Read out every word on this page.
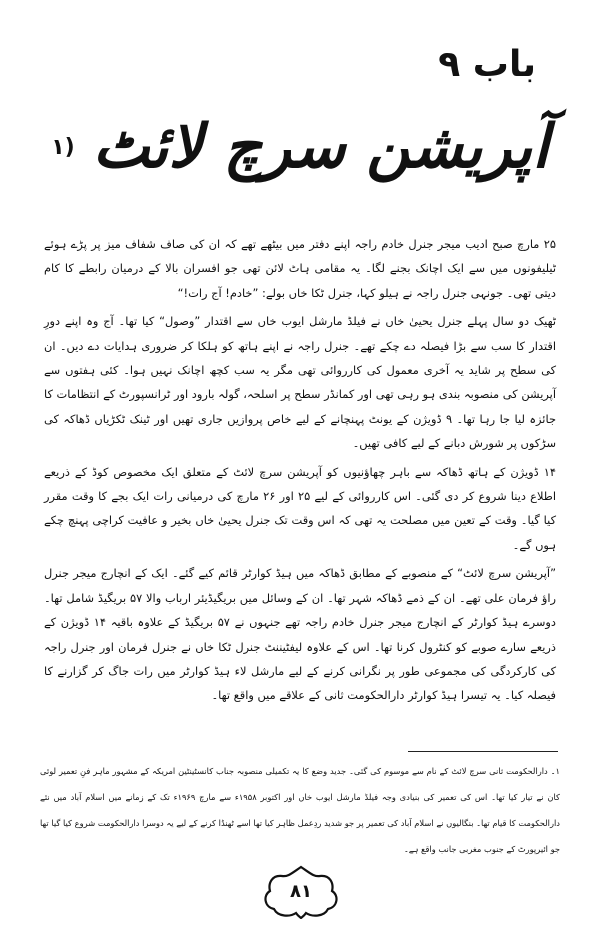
باب ۹
آپریشن سرچ لائٹ
(۱

۲۵ مارچ صبح ادیب میجر جنرل خادم راجہ اپنے دفتر میں بیٹھے تھے کہ ان کی صاف شفاف میز پر پڑے ہوئے ٹیلیفونوں میں سے ایک اچانک بجنے لگا۔ یہ مقامی ہاٹ لائن تھی جو افسران بالا کے درمیان رابطے کا کام دیتی تھی۔ جونہی جنرل راجہ نے ہیلو کہا، جنرل ٹکا خاں بولے: ”خادم! آج رات!“

ٹھیک دو سال پہلے جنرل یحییٰ خاں نے فیلڈ مارشل ایوب خاں سے اقتدار ”وصول“ کیا تھا۔ آج وہ اپنے دورِ اقتدار کا سب سے بڑا فیصلہ دے چکے تھے۔ جنرل راجہ نے اپنے ہاتھ کو ہلکا کر ضروری ہدایات دے دیں۔ ان کی سطح پر شاید یہ آخری معمول کی کارروائی تھی مگر یہ سب کچھ اچانک نہیں ہوا۔ کئی ہفتوں سے آپریشن کی منصوبہ بندی ہو رہی تھی اور کمانڈر سطح پر اسلحہ، گولہ بارود اور ٹرانسپورٹ کے انتظامات کا جائزہ لیا جا رہا تھا۔ ۹ ڈویژن کے یونٹ پہنچانے کے لیے خاص پروازیں جاری تھیں اور ٹینک ٹکڑیاں ڈھاکہ کی سڑکوں پر شورش دبانے کے لیے کافی تھیں۔

۱۴ ڈویژن کے ہاتھ ڈھاکہ سے باہر چھاؤنیوں کو آپریشن سرچ لائٹ کے متعلق ایک مخصوص کوڈ کے ذریعے اطلاع دینا شروع کر دی گئی۔ اس کارروائی کے لیے ۲۵ اور ۲۶ مارچ کی درمیانی رات ایک بجے کا وقت مقرر کیا گیا۔ وقت کے تعین میں مصلحت یہ تھی کہ اس وقت تک جنرل یحییٰ خاں بخیر و عافیت کراچی پہنچ چکے ہوں گے۔

”آپریشن سرچ لائٹ“ کے منصوبے کے مطابق ڈھاکہ میں ہیڈ کوارٹر قائم کیے گئے۔ ایک کے انچارج میجر جنرل راؤ فرمان علی تھے۔ ان کے ذمے ڈھاکہ شہر تھا۔ ان کے وسائل میں بریگیڈیئر ارباب والا ۵۷ بریگیڈ شامل تھا۔ دوسرے ہیڈ کوارٹر کے انچارج میجر جنرل خادم راجہ تھے جنہوں نے ۵۷ بریگیڈ کے علاوہ باقیہ ۱۴ ڈویژن کے ذریعے سارے صوبے کو کنٹرول کرنا تھا۔ اس کے علاوہ لیفٹیننٹ جنرل ٹکا خاں نے جنرل فرمان اور جنرل راجہ کی کارکردگی کی مجموعی طور پر نگرانی کرنے کے لیے مارشل لاء ہیڈ کوارٹر میں رات جاگ کر گزارنے کا فیصلہ کیا۔ یہ تیسرا ہیڈ کوارٹر دارالحکومت ثانی کے علاقے میں واقع تھا۔

۱۔ دارالحکومت ثانی سرچ لائٹ کے نام سے موسوم کی گئی۔ جدید وضع کا یہ تکمیلی منصوبہ جناب کانسٹینٹین امریکہ کے مشہور ماہر فنِ تعمیر لوئی کان نے تیار کیا تھا۔ اس کی تعمیر کی بنیادی وجہ فیلڈ مارشل ایوب خاں اور اکتوبر ۱۹۵۸ء سے مارچ ۱۹۶۹ء تک کے زمانے میں اسلام آباد میں نئے دارالحکومت کا قیام تھا۔ بنگالیوں نے اسلام آباد کی تعمیر پر جو شدید ردِعمل ظاہر کیا تھا اسے ٹھنڈا کرنے کے لیے یہ دوسرا دارالحکومت شروع کیا گیا تھا جو ائیرپورٹ کے جنوب مغربی جانب واقع ہے۔
۸۱
